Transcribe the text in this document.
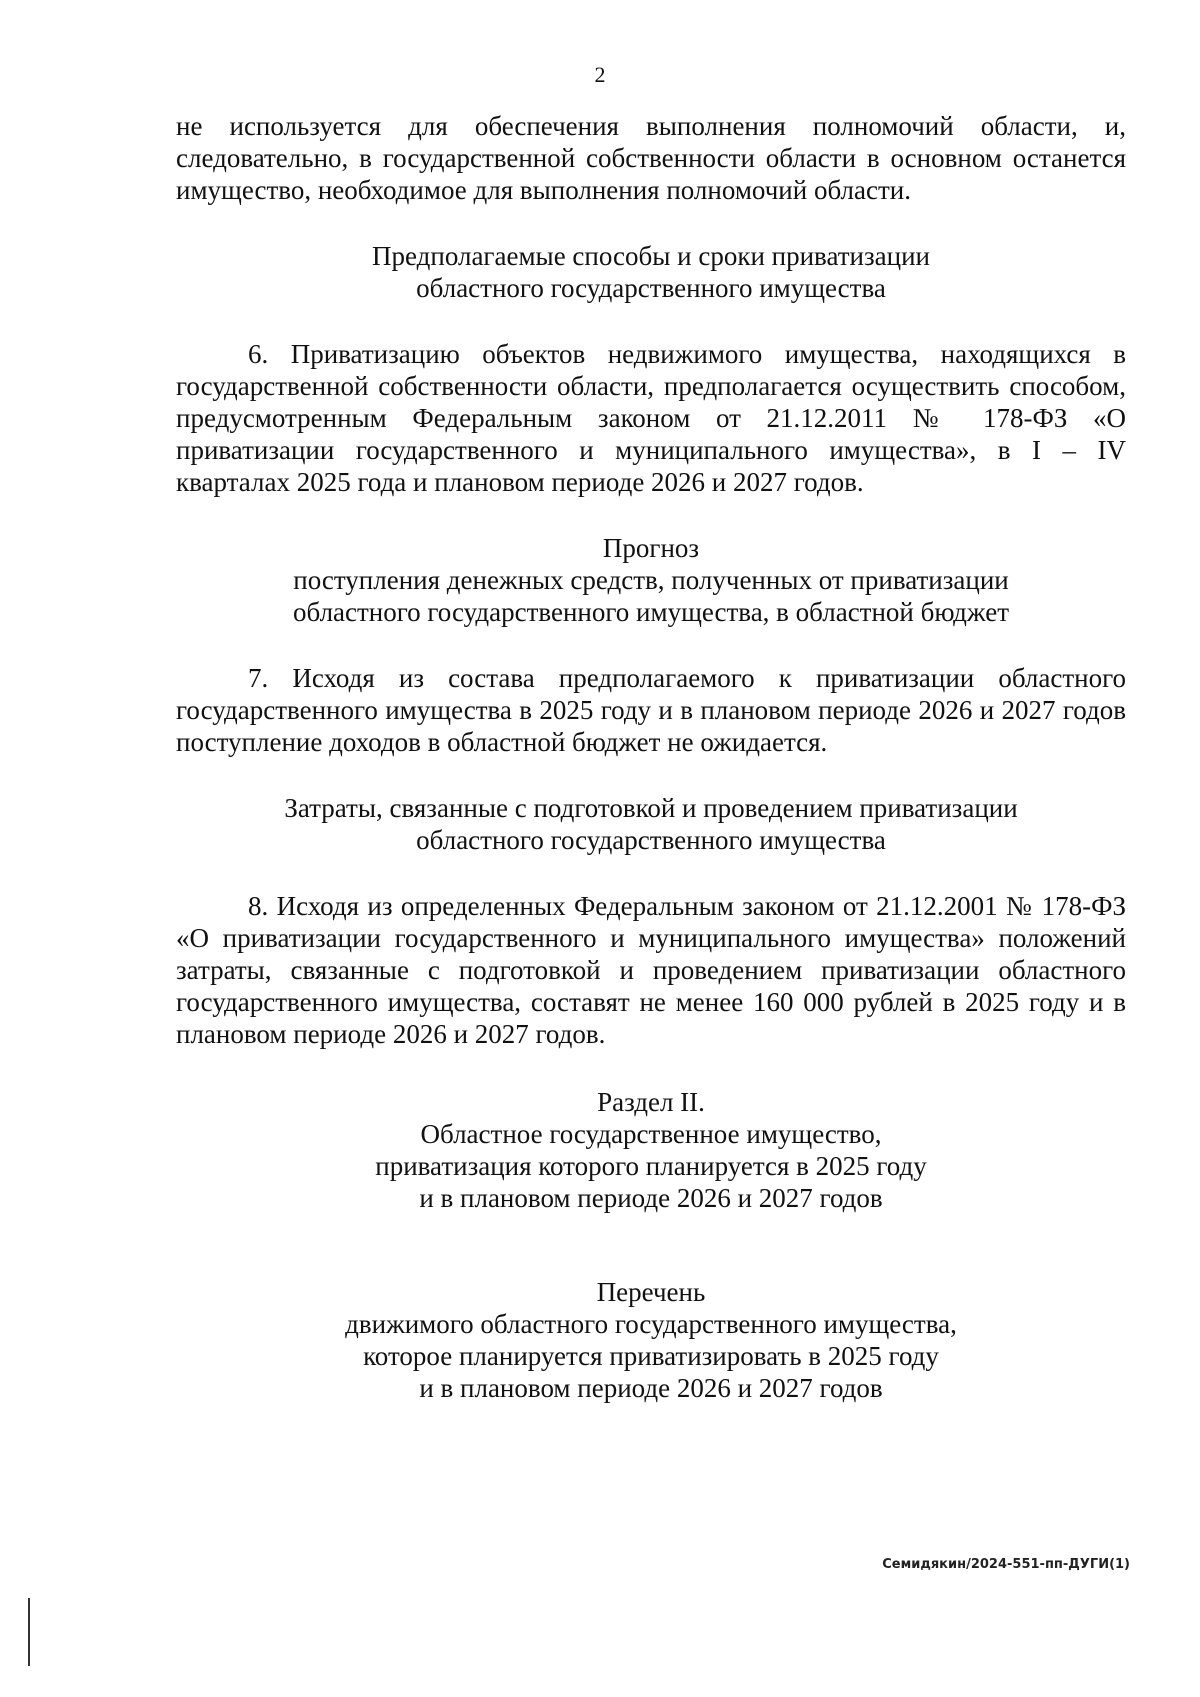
2

не используется для обеспечения выполнения полномочий области, и, следовательно, в государственной собственности области в основном останется имущество, необходимое для выполнения полномочий области.

Предполагаемые способы и сроки приватизации
областного государственного имущества

6. Приватизацию объектов недвижимого имущества, находящихся в государственной собственности области, предполагается осуществить способом, предусмотренным Федеральным законом от 21.12.2011 № 178-ФЗ «О приватизации государственного и муниципального имущества», в I – IV кварталах 2025 года и плановом периоде 2026 и 2027 годов.

Прогноз
поступления денежных средств, полученных от приватизации
областного государственного имущества, в областной бюджет

7. Исходя из состава предполагаемого к приватизации областного государственного имущества в 2025 году и в плановом периоде 2026 и 2027 годов поступление доходов в областной бюджет не ожидается.

Затраты, связанные с подготовкой и проведением приватизации
областного государственного имущества

8. Исходя из определенных Федеральным законом от 21.12.2001 № 178-ФЗ «О приватизации государственного и муниципального имущества» положений затраты, связанные с подготовкой и проведением приватизации областного государственного имущества, составят не менее 160 000 рублей в 2025 году и в плановом периоде 2026 и 2027 годов.

Раздел II.
Областное государственное имущество,
приватизация которого планируется в 2025 году
и в плановом периоде 2026 и 2027 годов
Перечень
движимого областного государственного имущества,
которое планируется приватизировать в 2025 году
и в плановом периоде 2026 и 2027 годов
Семидякин/2024-551-пп-ДУГИ(1)
